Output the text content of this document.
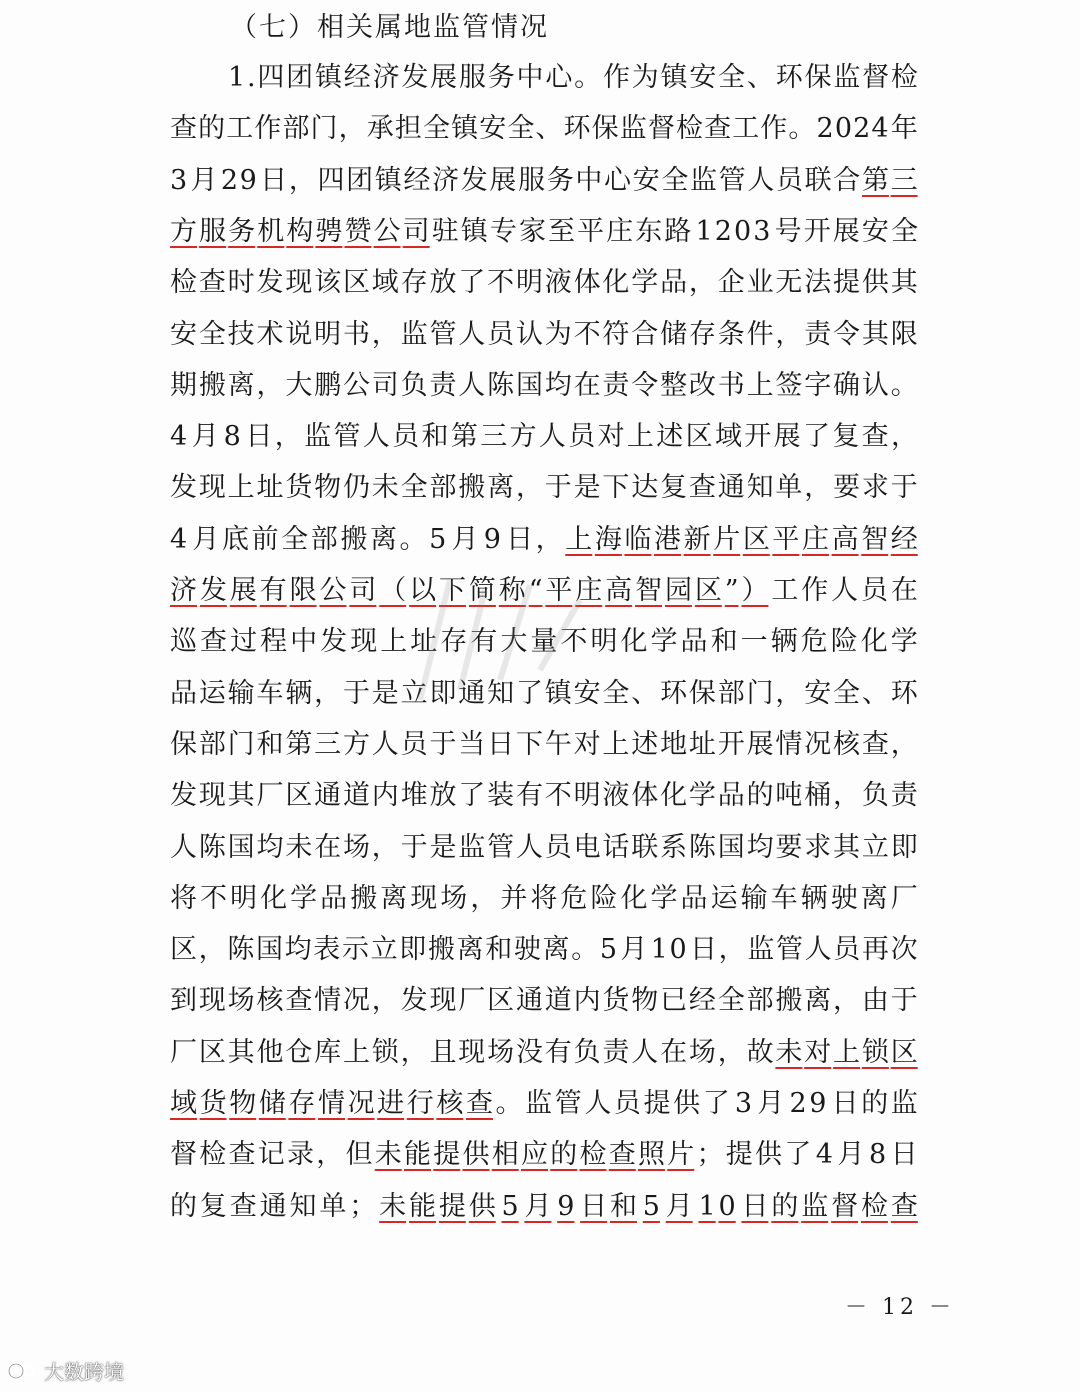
（七）相关属地监管情况
1 . 四 团 镇 经 济 发 展 服 务 中 心 。 作 为 镇 安 全 、 环 保 监 督 检
查 的 工 作 部 门 ， 承 担 全 镇 安 全 、 环 保 监 督 检 查 工 作 。 2 0 2 4 年
3 月 2 9 日 ， 四 团 镇 经 济 发 展 服 务 中 心 安 全 监 管 人 员 联 合 第 三
方 服 务 机 构 骋 赞 公 司 驻 镇 专 家 至 平 庄 东 路 1 2 0 3 号 开 展 安 全
检 查 时 发 现 该 区 域 存 放 了 不 明 液 体 化 学 品 ， 企 业 无 法 提 供 其
安 全 技 术 说 明 书 ， 监 管 人 员 认 为 不 符 合 储 存 条 件 ， 责 令 其 限
期 搬 离 ， 大 鹏 公 司 负 责 人 陈 国 均 在 责 令 整 改 书 上 签 字 确 认 。
4 月 8 日 ， 监 管 人 员 和 第 三 方 人 员 对 上 述 区 域 开 展 了 复 查 ，
发 现 上 址 货 物 仍 未 全 部 搬 离 ， 于 是 下 达 复 查 通 知 单 ， 要 求 于
4 月 底 前 全 部 搬 离 。 5 月 9 日 ， 上 海 临 港 新 片 区 平 庄 高 智 经
济 发 展 有 限 公 司 （ 以 下 简 称 “ 平 庄 高 智 园 区 ” ） 工 作 人 员 在
巡 查 过 程 中 发 现 上 址 存 有 大 量 不 明 化 学 品 和 一 辆 危 险 化 学
品 运 输 车 辆 ， 于 是 立 即 通 知 了 镇 安 全 、 环 保 部 门 ， 安 全 、 环
保 部 门 和 第 三 方 人 员 于 当 日 下 午 对 上 述 地 址 开 展 情 况 核 查 ，
发 现 其 厂 区 通 道 内 堆 放 了 装 有 不 明 液 体 化 学 品 的 吨 桶 ， 负 责
人 陈 国 均 未 在 场 ， 于 是 监 管 人 员 电 话 联 系 陈 国 均 要 求 其 立 即
将 不 明 化 学 品 搬 离 现 场 ， 并 将 危 险 化 学 品 运 输 车 辆 驶 离 厂
区 ， 陈 国 均 表 示 立 即 搬 离 和 驶 离 。 5 月 1 0 日 ， 监 管 人 员 再 次
到 现 场 核 查 情 况 ， 发 现 厂 区 通 道 内 货 物 已 经 全 部 搬 离 ， 由 于
厂 区 其 他 仓 库 上 锁 ， 且 现 场 没 有 负 责 人 在 场 ， 故 未 对 上 锁 区
域 货 物 储 存 情 况 进 行 核 查 。 监 管 人 员 提 供 了 3 月 2 9 日 的 监
督 检 查 记 录 ， 但 未 能 提 供 相 应 的 检 查 照 片 ； 提 供 了 4 月 8 日
的 复 查 通 知 单 ； 未 能 提 供 5 月 9 日 和 5 月 1 0 日 的 监 督 检 查
－ 12 －
大数跨境
